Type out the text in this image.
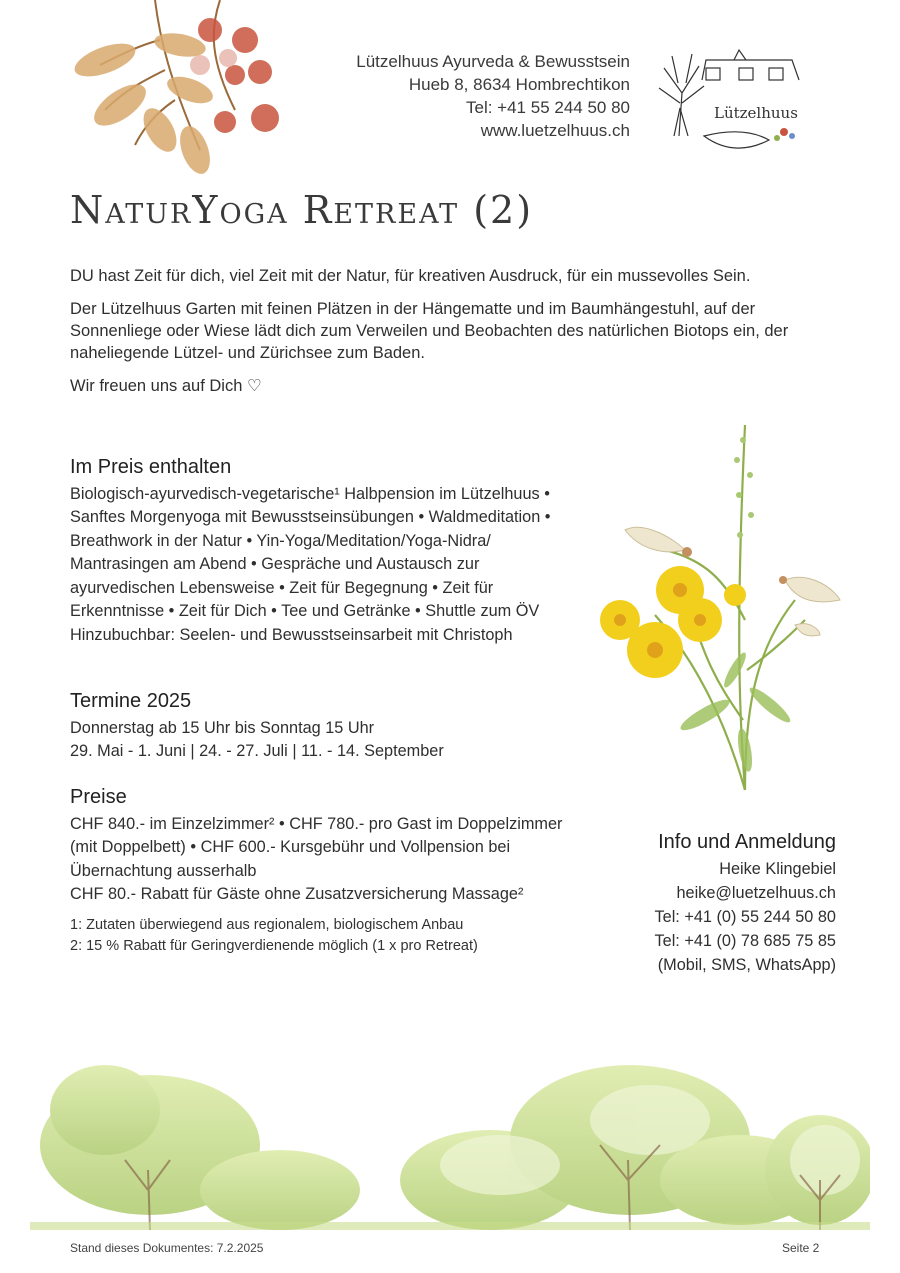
Lützelhuus Ayurveda & Bewusstsein
Hueb 8, 8634 Hombrechtikon
Tel: +41 55 244 50 80
www.luetzelhuus.ch
Lützelhuus
NaturYoga Retreat (2)

DU hast Zeit für dich, viel Zeit mit der Natur, für kreativen Ausdruck, für ein mussevolles Sein.

Der Lützelhuus Garten mit feinen Plätzen in der Hängematte und im Baumhängestuhl, auf der Sonnenliege oder Wiese lädt dich zum Verweilen und Beobachten des natürlichen Biotops ein, der naheliegende Lützel- und Zürichsee zum Baden.

Wir freuen uns auf Dich ♡

Im Preis enthalten

Biologisch-ayurvedisch-vegetarische¹ Halbpension im Lützelhuus •

Sanftes Morgenyoga mit Bewusstseinsübungen • Waldmeditation •

Breathwork in der Natur • Yin-Yoga/Meditation/Yoga-Nidra/

Mantrasingen am Abend • Gespräche und Austausch zur

ayurvedischen Lebensweise • Zeit für Begegnung • Zeit für

Erkenntnisse • Zeit für Dich • Tee und Getränke • Shuttle zum ÖV

Hinzubuchbar: Seelen- und Bewusstseinsarbeit mit Christoph

Termine 2025

Donnerstag ab 15 Uhr bis Sonntag 15 Uhr

29. Mai - 1. Juni | 24. - 27. Juli | 11. - 14. September

Preise

CHF 840.- im Einzelzimmer² • CHF 780.- pro Gast im Doppelzimmer

(mit Doppelbett) • CHF 600.- Kursgebühr und Vollpension bei

Übernachtung ausserhalb

CHF 80.- Rabatt für Gäste ohne Zusatzversicherung Massage²

1: Zutaten überwiegend aus regionalem, biologischem Anbau

2: 15 % Rabatt für Geringverdienende möglich (1 x pro Retreat)

Info und Anmeldung
Heike Klingebiel
heike@luetzelhuus.ch
Tel: +41 (0) 55 244 50 80
Tel: +41 (0) 78 685 75 85
(Mobil, SMS, WhatsApp)
Stand dieses Dokumentes: 7.2.2025	Seite 2
